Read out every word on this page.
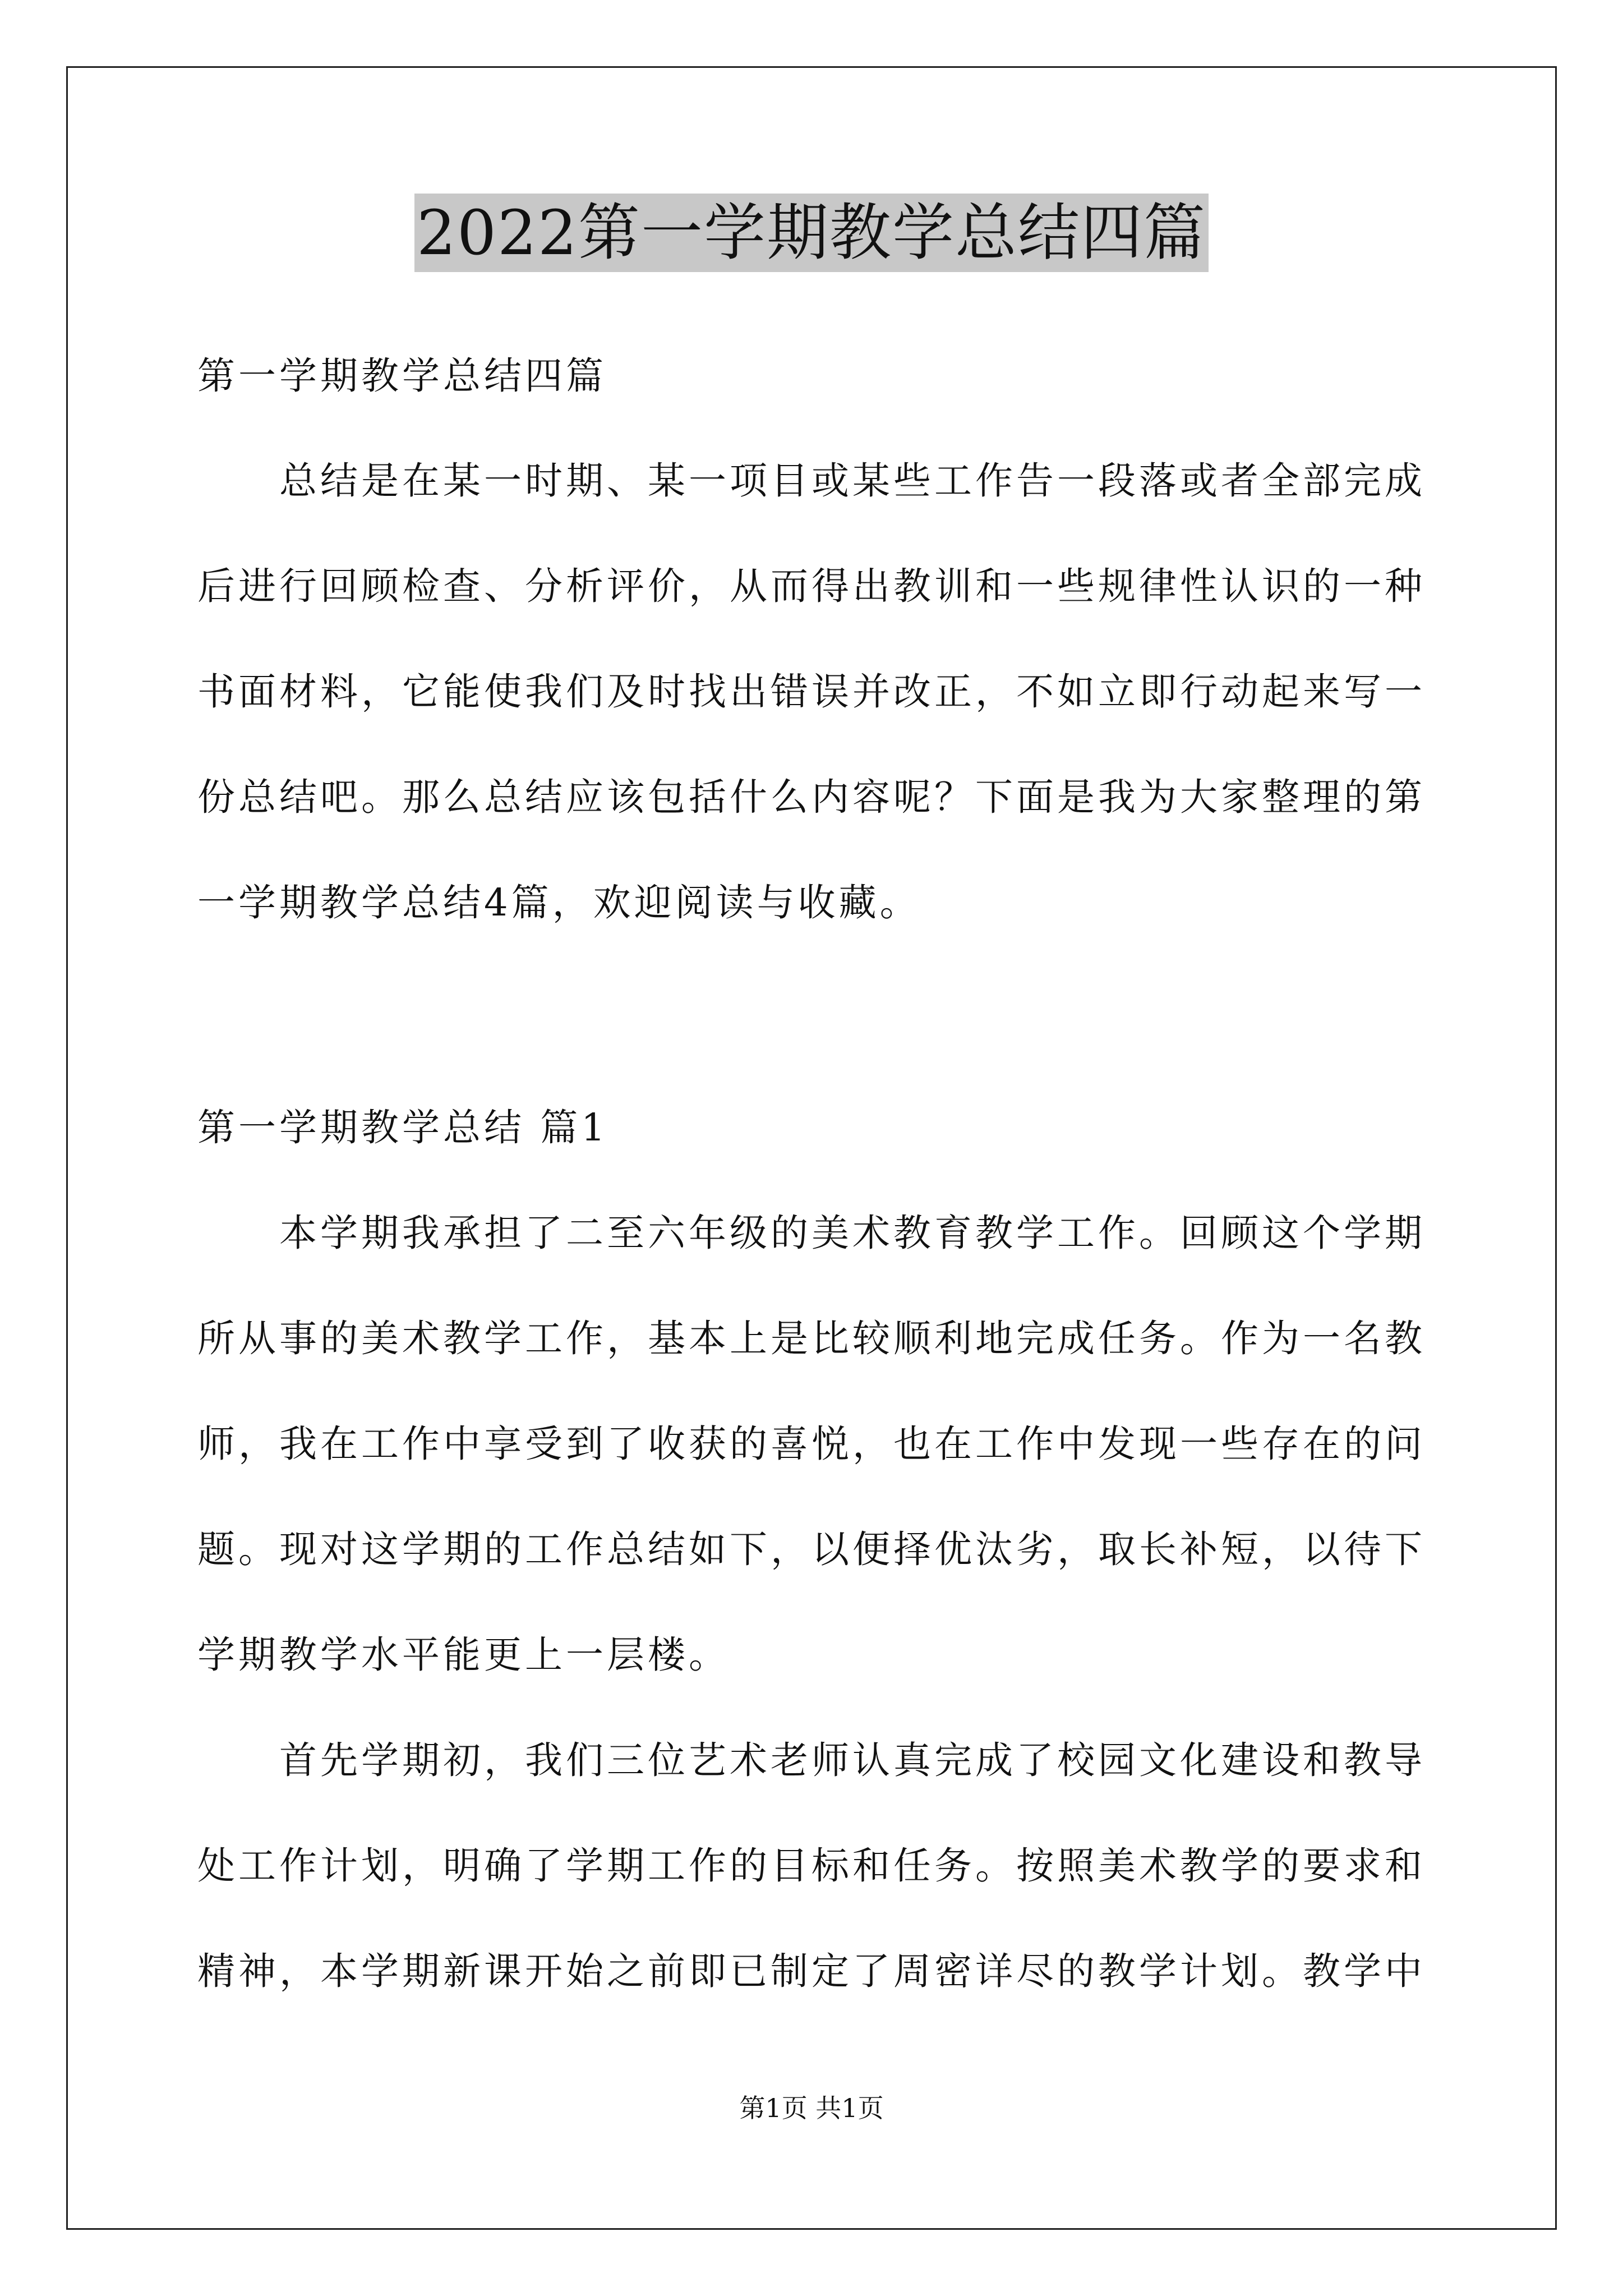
2022第一学期教学总结四篇
第一学期教学总结四篇
　　总结是在某一时期、某一项目或某些工作告一段落或者全部完成
后进行回顾检查、分析评价，从而得出教训和一些规律性认识的一种
书面材料，它能使我们及时找出错误并改正，不如立即行动起来写一
份总结吧。那么总结应该包括什么内容呢？下面是我为大家整理的第
一学期教学总结4篇，欢迎阅读与收藏。
第一学期教学总结 篇1
　　本学期我承担了二至六年级的美术教育教学工作。回顾这个学期
所从事的美术教学工作，基本上是比较顺利地完成任务。作为一名教
师，我在工作中享受到了收获的喜悦，也在工作中发现一些存在的问
题。现对这学期的工作总结如下，以便择优汰劣，取长补短，以待下
学期教学水平能更上一层楼。
　　首先学期初，我们三位艺术老师认真完成了校园文化建设和教导
处工作计划，明确了学期工作的目标和任务。按照美术教学的要求和
精神，本学期新课开始之前即已制定了周密详尽的教学计划。教学中
第1页 共1页
